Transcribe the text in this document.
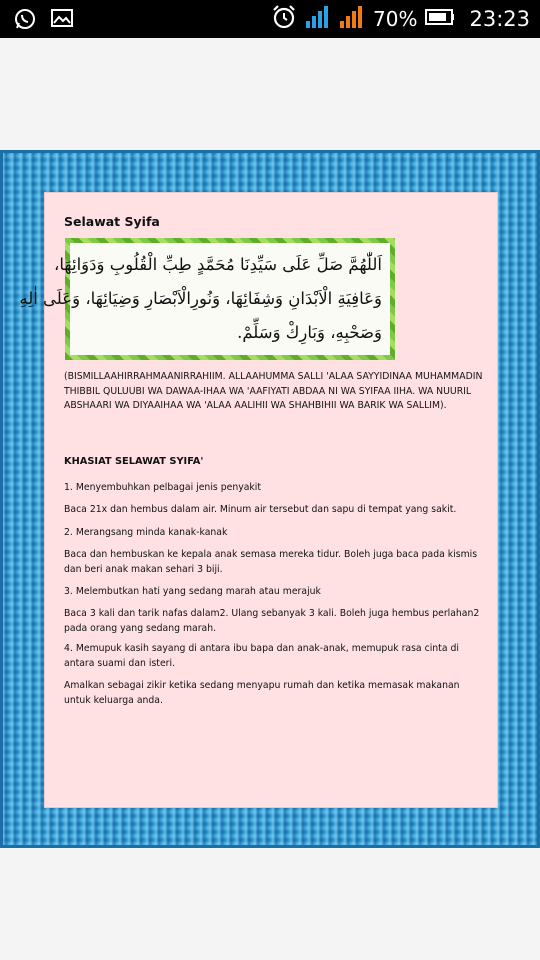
70% 23:23
Selawat Syifa
اَللّٰهُمَّ صَلِّ عَلَى سَيِّدِنَا مُحَمَّدٍ طِبِّ الْقُلُوبِ وَدَوَائِهَا،
وَعَافِيَةِ الْاَبْدَانِ وَشِفَائِهَا، وَنُورِالْاَبْصَارِ وَضِيَائِهَا، وَعَلَى اٰلِهِ
وَصَحْبِهِ، وَبَارِكْ وَسَلِّمْ.
(BISMILLAAHIRRAHMAANIRRAHIIM. ALLAAHUMMA SALLI 'ALAA SAYYIDINAA MUHAMMADIN THIBBIL QULUUBI WA DAWAA-IHAA WA 'AAFIYATI ABDAA NI WA SYIFAA IIHA. WA NUURIL ABSHAARI WA DIYAAIHAA WA 'ALAA AALIHII WA SHAHBIHII WA BARIK WA SALLIM).
KHASIAT SELAWAT SYIFA'
1. Menyembuhkan pelbagai jenis penyakit
Baca 21x dan hembus dalam air. Minum air tersebut dan sapu di tempat yang sakit.
2. Merangsang minda kanak-kanak
Baca dan hembuskan ke kepala anak semasa mereka tidur. Boleh juga baca pada kismis dan beri anak makan sehari 3 biji.
3. Melembutkan hati yang sedang marah atau merajuk
Baca 3 kali dan tarik nafas dalam2. Ulang sebanyak 3 kali. Boleh juga hembus perlahan2 pada orang yang sedang marah.
4. Memupuk kasih sayang di antara ibu bapa dan anak-anak, memupuk rasa cinta di antara suami dan isteri.
Amalkan sebagai zikir ketika sedang menyapu rumah dan ketika memasak makanan untuk keluarga anda.
